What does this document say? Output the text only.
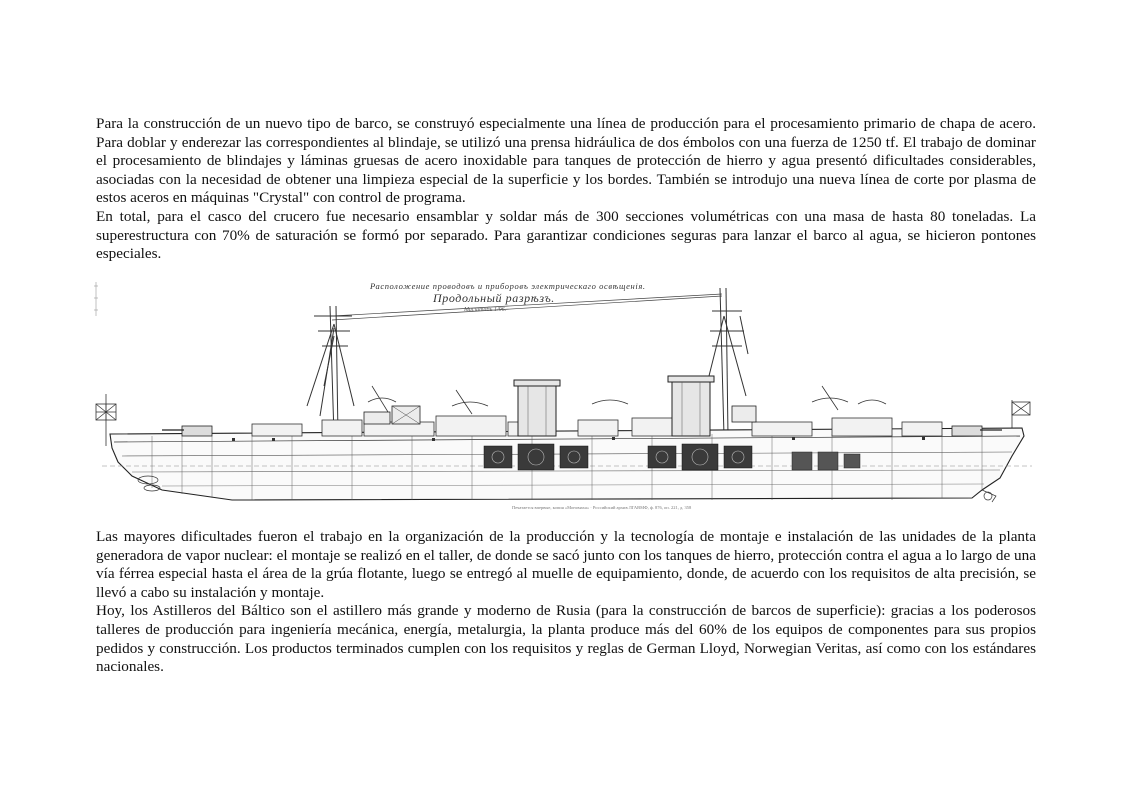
Para la construcción de un nuevo tipo de barco, se construyó especialmente una línea de producción para el procesamiento primario de chapa de acero. Para doblar y enderezar las correspondientes al blindaje, se utilizó una prensa hidráulica de dos émbolos con una fuerza de 1250 tf. El trabajo de dominar el procesamiento de blindajes y láminas gruesas de acero inoxidable para tanques de protección de hierro y agua presentó dificultades considerables, asociadas con la necesidad de obtener una limpieza especial de la superficie y los bordes. También se introdujo una nueva línea de corte por plasma de estos aceros en máquinas "Crystal" con control de programa.

En total, para el casco del crucero fue necesario ensamblar y soldar más de 300 secciones volumétricas con una masa de hasta 80 toneladas. La superestructura con 70% de saturación se formó por separado. Para garantizar condiciones seguras para lanzar el barco al agua, se hicieron pontones especiales.

Расположение проводовъ и приборовъ электрическаго освѣщенія.
Продольный разрѣзъ.
Масштабъ 1/96.
Печатается впервые, копия «Мономаха» · Российский архив ЛГАВМФ, ф. 876, оп. 221, д. 358

Las mayores dificultades fueron el trabajo en la organización de la producción y la tecnología de montaje e instalación de las unidades de la planta generadora de vapor nuclear: el montaje se realizó en el taller, de donde se sacó junto con los tanques de hierro, protección contra el agua a lo largo de una vía férrea especial hasta el área de la grúa flotante, luego se entregó al muelle de equipamiento, donde, de acuerdo con los requisitos de alta precisión, se llevó a cabo su instalación y montaje.

Hoy, los Astilleros del Báltico son el astillero más grande y moderno de Rusia (para la construcción de barcos de superficie): gracias a los poderosos talleres de producción para ingeniería mecánica, energía, metalurgia, la planta produce más del 60% de los equipos de componentes para sus propios pedidos y construcción. Los productos terminados cumplen con los requisitos y reglas de German Lloyd, Norwegian Veritas, así como con los estándares nacionales.
